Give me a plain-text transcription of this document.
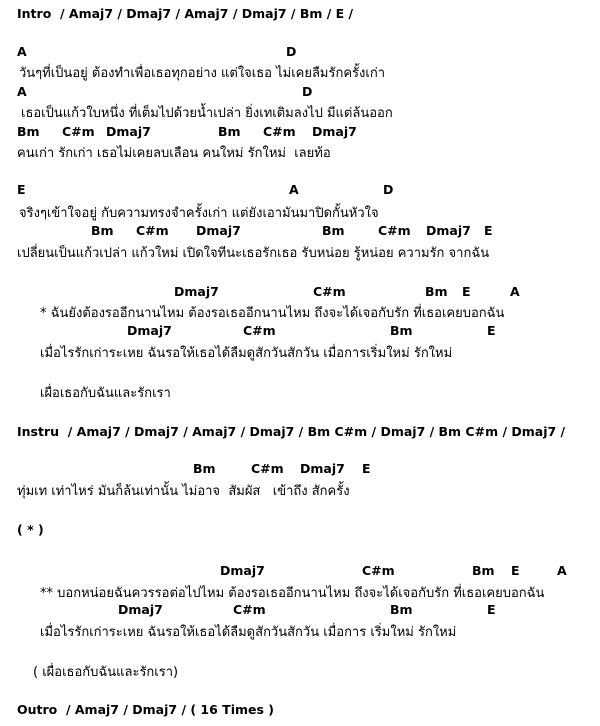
Intro  / Amaj7 / Dmaj7 / Amaj7 / Dmaj7 / Bm / E /
A	D
วันๆที่เป็นอยู่ ต้องทำเพื่อเธอทุกอย่าง แต่ใจเธอ ไม่เคยลืมรักครั้งเก่า
A	D
เธอเป็นแก้วใบหนึ่ง ที่เต็มไปด้วยน้ำเปล่า ยิ่งเทเติมลงไป มีแต่ล้นออก
Bm C#m Dmaj7	Bm C#m Dmaj7
คนเก่า รักเก่า เธอไม่เคยลบเลือน คนใหม่ รักใหม่  เลยท้อ
E	A	D
จริงๆเข้าใจอยู่ กับความทรงจำครั้งเก่า แต่ยังเอามันมาปิดกั้นหัวใจ
Bm C#m Dmaj7	Bm	C#m Dmaj7 E
เปลี่ยนเป็นแก้วเปล่า แก้วใหม่ เปิดใจทีนะเธอรักเธอ รับหน่อย รู้หน่อย ความรัก จากฉัน
Dmaj7	C#m	Bm E	A
* ฉันยังต้องรออีกนานไหม ต้องรอเธออีกนานไหม ถึงจะได้เจอกับรัก ที่เธอเคยบอกฉัน
Dmaj7	C#m	Bm	E
เมื่อไรรักเก่าระเหย ฉันรอให้เธอได้ลืมดูสักวันสักวัน เมื่อการเริ่มใหม่ รักใหม่
เผื่อเธอกับฉันและรักเรา
Instru  / Amaj7 / Dmaj7 / Amaj7 / Dmaj7 / Bm C#m / Dmaj7 / Bm C#m / Dmaj7 /
Bm	C#m Dmaj7 E
ทุ่มเท เท่าไหร่ มันก็ล้นเท่านั้น ไม่อาจ  สัมผัส   เข้าถึง สักครั้ง
( * )
Dmaj7	C#m	Bm E	A
** บอกหน่อยฉันควรรอต่อไปไหม ต้องรอเธออีกนานไหม ถึงจะได้เจอกับรัก ที่เธอเคยบอกฉัน
Dmaj7	C#m	Bm	E
เมื่อไรรักเก่าระเหย ฉันรอให้เธอได้ลืมดูสักวันสักวัน เมื่อการ เริ่มใหม่ รักใหม่
( เผื่อเธอกับฉันและรักเรา)
Outro  / Amaj7 / Dmaj7 / ( 16 Times )
